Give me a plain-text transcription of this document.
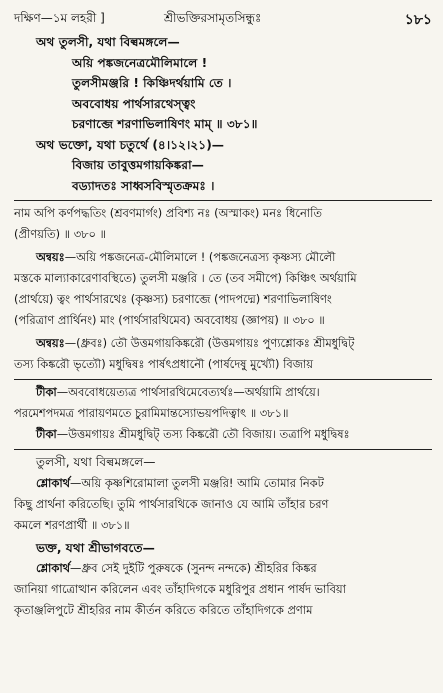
দক্ষিণ—১ম লহরী ]	শ্রীভক্তিরসামৃতসিন্ধুঃ	১৮১
অথ তুলসী, যথা বিল্বমঙ্গলে—
অয়ি পঙ্কজনেত্রমৌলিমালে !
তুলসীমঞ্জরি ! কিঞ্চিদর্থয়ামি তে ।
অববোধয় পার্থসারথেস্ত্বং
চরণাব্জে শরণাভিলাষিণং মাম্ ॥ ৩৮১॥
অথ ভক্তো, যথা চতুর্থে (৪।১২।২১)—
বিজায় তাবুত্তমগায়কিঙ্করা—
বড্যাদতঃ সাধ্বসবিস্মৃতক্রমঃ ।
নাম অপি কর্ণপদ্ধতিং (শ্রবণমার্গং) প্রবিশ্য নঃ (অস্মাকং) মনঃ ধিনোতি
(প্রীণয়তি) ॥ ৩৮০ ॥
অন্বয়ঃ—অয়ি পঙ্কজনেত্র-মৌলিমালে ! (পঙ্কজনেত্রস্য কৃষ্ণস্য মৌলৌ
মস্তকে মাল্যাকারেণাবস্থিতে) তুলসী মঞ্জরি । তে (তব সমীপে) কিঞ্চিৎ অর্থয়ামি
(প্রার্থয়ে) ত্বং পার্থসারথেঃ (কৃষ্ণস্য) চরণাব্জে (পাদপদ্মে) শরণাভিলাষিণং
(পরিত্রাণ প্রার্থিনং) মাং (পার্থসারথিমেব) অববোধয় (জ্ঞাপয়) ॥ ৩৮০ ॥
অন্বয়ঃ—(ধ্রুবঃ) তৌ উত্তমগায়কিঙ্করৌ (উত্তমগায়ঃ পুণ্যশ্লোকঃ শ্রীমধুদ্বিট্
তস্য কিঙ্করৌ ভৃত্যৌ) মধুদ্বিষঃ পার্ষৎপ্রধানৌ (পার্ষদেষু মুখ্যৌ) বিজায়
টীকা—অববোধয়েত্যত্র পার্থসারথিমেবেত্যর্থঃ—অর্থয়ামি প্রার্থয়ে।
পরমেশপদমত্র পারায়ণমতে চুরামিমান্তস্যোভয়পদিত্বাৎ ॥ ৩৮১॥
টীকা—উত্তমগায়ঃ শ্রীমধুদ্বিট্ তস্য কিঙ্করৌ তৌ বিজায়। তত্রাপি মধুদ্বিষঃ
তুলসী, যথা বিল্বমঙ্গলে—
শ্লোকার্থ—অয়ি কৃষ্ণশিরোমালা তুলসী মঞ্জরি! আমি তোমার নিকট
কিছু প্রার্থনা করিতেছি। তুমি পার্থসারথিকে জানাও যে আমি তাঁহার চরণ
কমলে শরণপ্রার্থী ॥ ৩৮১॥
ভক্ত, যথা শ্রীভাগবতে—
শ্লোকার্থ—ধ্রুব সেই দুইটি পুরুষকে (সুনন্দ নন্দকে) শ্রীহরির কিঙ্কর
জানিয়া গাত্রোত্থান করিলেন এবং তাঁহাদিগকে মধুরিপুর প্রধান পার্ষদ ভাবিয়া
কৃতাঞ্জলিপুটে শ্রীহরির নাম কীর্তন করিতে করিতে তাঁহাদিগকে প্রণাম
